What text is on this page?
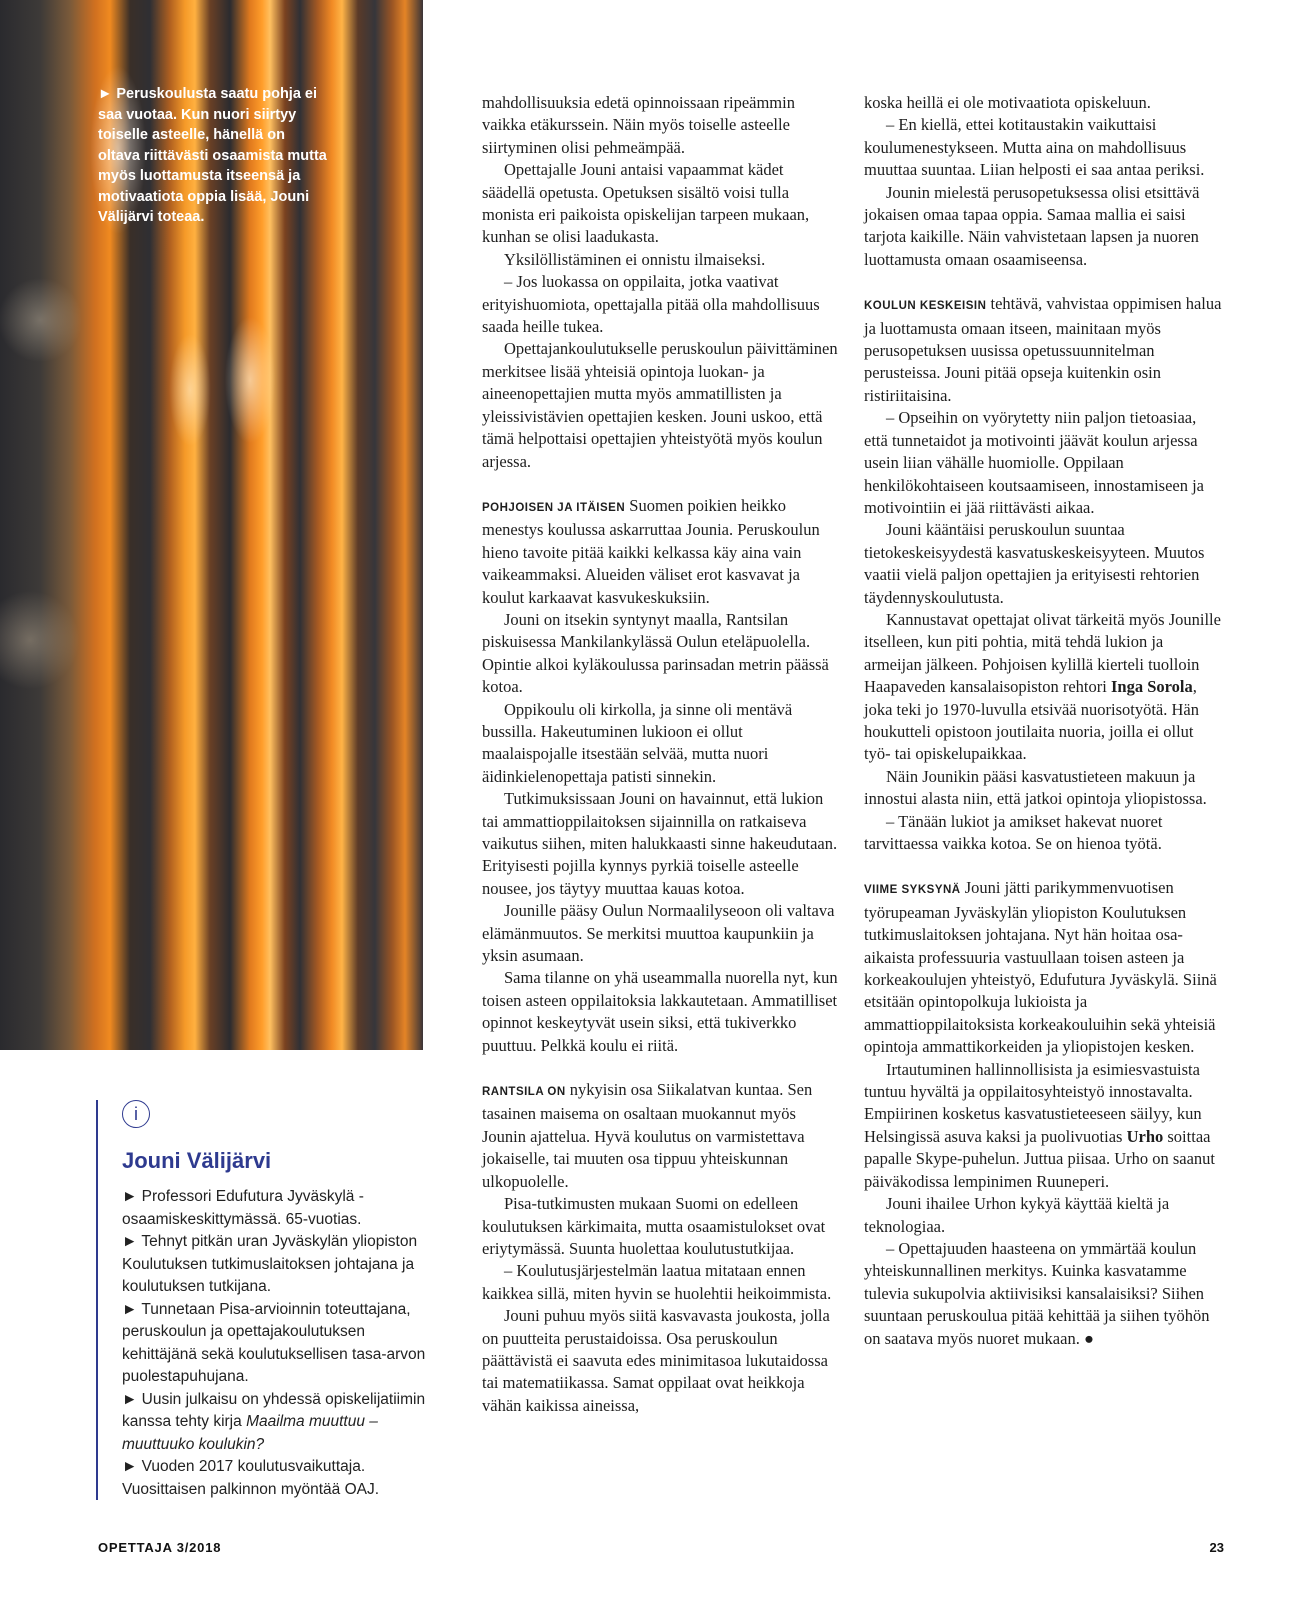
► Peruskoulusta saatu pohja ei saa vuotaa. Kun nuori siirtyy toiselle asteelle, hänellä on oltava riittävästi osaamista mutta myös luottamusta itseensä ja motivaatiota oppia lisää, Jouni Välijärvi toteaa.
i
Jouni Välijärvi

► Professori Edufutura Jyväskylä -osaamiskeskittymässä. 65-vuotias.

► Tehnyt pitkän uran Jyväskylän yliopiston Koulutuksen tutkimuslaitoksen johtajana ja koulutuksen tutkijana.

► Tunnetaan Pisa-arvioinnin toteuttajana, peruskoulun ja opettajakoulutuksen kehittäjänä sekä koulutuksellisen tasa-arvon puolestapuhujana.

► Uusin julkaisu on yhdessä opiskelijatiimin kanssa tehty kirja Maailma muuttuu – muuttuuko koulukin?

► Vuoden 2017 koulutusvaikuttaja. Vuosittaisen palkinnon myöntää OAJ.

mahdollisuuksia edetä opinnoissaan ripeämmin vaikka etäkurssein. Näin myös toiselle asteelle siirtyminen olisi pehmeämpää.

Opettajalle Jouni antaisi vapaammat kädet säädellä opetusta. Opetuksen sisältö voisi tulla monista eri paikoista opiskelijan tarpeen mukaan, kunhan se olisi laadukasta.

Yksilöllistäminen ei onnistu ilmaiseksi.

– Jos luokassa on oppilaita, jotka vaativat erityishuomiota, opettajalla pitää olla mahdollisuus saada heille tukea.

Opettajankoulutukselle peruskoulun päivittäminen merkitsee lisää yhteisiä opintoja luokan- ja aineenopettajien mutta myös ammatillisten ja yleissivistävien opettajien kesken. Jouni uskoo, että tämä helpottaisi opettajien yhteistyötä myös koulun arjessa.

POHJOISEN JA ITÄISEN Suomen poikien heikko menestys koulussa askarruttaa Jounia. Peruskoulun hieno tavoite pitää kaikki kelkassa käy aina vain vaikeammaksi. Alueiden väliset erot kasvavat ja koulut karkaavat kasvukeskuksiin.

Jouni on itsekin syntynyt maalla, Rantsilan piskuisessa Mankilankylässä Oulun eteläpuolella. Opintie alkoi kyläkoulussa parinsadan metrin päässä kotoa.

Oppikoulu oli kirkolla, ja sinne oli mentävä bussilla. Hakeutuminen lukioon ei ollut maalaispojalle itsestään selvää, mutta nuori äidinkielenopettaja patisti sinnekin.

Tutkimuksissaan Jouni on havainnut, että lukion tai ammattioppilaitoksen sijainnilla on ratkaiseva vaikutus siihen, miten halukkaasti sinne hakeudutaan. Erityisesti pojilla kynnys pyrkiä toiselle asteelle nousee, jos täytyy muuttaa kauas kotoa.

Jounille pääsy Oulun Normaalilyseoon oli valtava elämänmuutos. Se merkitsi muuttoa kaupunkiin ja yksin asumaan.

Sama tilanne on yhä useammalla nuorella nyt, kun toisen asteen oppilaitoksia lakkautetaan. Ammatilliset opinnot keskeytyvät usein siksi, että tukiverkko puuttuu. Pelkkä koulu ei riitä.

RANTSILA ON nykyisin osa Siikalatvan kuntaa. Sen tasainen maisema on osaltaan muokannut myös Jounin ajattelua. Hyvä koulutus on varmistettava jokaiselle, tai muuten osa tippuu yhteiskunnan ulkopuolelle.

Pisa-tutkimusten mukaan Suomi on edelleen koulutuksen kärkimaita, mutta osaamistulokset ovat eriytymässä. Suunta huolettaa koulutustutkijaa.

– Koulutusjärjestelmän laatua mitataan ennen kaikkea sillä, miten hyvin se huolehtii heikoimmista.

Jouni puhuu myös siitä kasvavasta joukosta, jolla on puutteita perustaidoissa. Osa peruskoulun päättävistä ei saavuta edes minimitasoa lukutaidossa tai matematiikassa. Samat oppilaat ovat heikkoja vähän kaikissa aineissa,

koska heillä ei ole motivaatiota opiskeluun.

– En kiellä, ettei kotitaustakin vaikuttaisi koulumenestykseen. Mutta aina on mahdollisuus muuttaa suuntaa. Liian helposti ei saa antaa periksi.

Jounin mielestä perusopetuksessa olisi etsittävä jokaisen omaa tapaa oppia. Samaa mallia ei saisi tarjota kaikille. Näin vahvistetaan lapsen ja nuoren luottamusta omaan osaamiseensa.

KOULUN KESKEISIN tehtävä, vahvistaa oppimisen halua ja luottamusta omaan itseen, mainitaan myös perusopetuksen uusissa opetussuunnitelman perusteissa. Jouni pitää opseja kuitenkin osin ristiriitaisina.

– Opseihin on vyörytetty niin paljon tietoasiaa, että tunnetaidot ja motivointi jäävät koulun arjessa usein liian vähälle huomiolle. Oppilaan henkilökohtaiseen koutsaamiseen, innostamiseen ja motivointiin ei jää riittävästi aikaa.

Jouni kääntäisi peruskoulun suuntaa tietokeskeisyydestä kasvatuskeskeisyyteen. Muutos vaatii vielä paljon opettajien ja erityisesti rehtorien täydennyskoulutusta.

Kannustavat opettajat olivat tärkeitä myös Jounille itselleen, kun piti pohtia, mitä tehdä lukion ja armeijan jälkeen. Pohjoisen kylillä kierteli tuolloin Haapaveden kansalaisopiston rehtori Inga Sorola, joka teki jo 1970-luvulla etsivää nuorisotyötä. Hän houkutteli opistoon joutilaita nuoria, joilla ei ollut työ- tai opiskelupaikkaa.

Näin Jounikin pääsi kasvatustieteen makuun ja innostui alasta niin, että jatkoi opintoja yliopistossa.

– Tänään lukiot ja amikset hakevat nuoret tarvittaessa vaikka kotoa. Se on hienoa työtä.

VIIME SYKSYNÄ Jouni jätti parikymmenvuotisen työrupeaman Jyväskylän yliopiston Koulutuksen tutkimuslaitoksen johtajana. Nyt hän hoitaa osa-aikaista professuuria vastuullaan toisen asteen ja korkeakoulujen yhteistyö, Edufutura Jyväskylä. Siinä etsitään opintopolkuja lukioista ja ammattioppilaitoksista korkeakouluihin sekä yhteisiä opintoja ammattikorkeiden ja yliopistojen kesken.

Irtautuminen hallinnollisista ja esimiesvastuista tuntuu hyvältä ja oppilaitosyhteistyö innostavalta. Empiirinen kosketus kasvatustieteeseen säilyy, kun Helsingissä asuva kaksi ja puolivuotias Urho soittaa papalle Skype-puhelun. Juttua piisaa. Urho on saanut päiväkodissa lempinimen Ruuneperi.

Jouni ihailee Urhon kykyä käyttää kieltä ja teknologiaa.

– Opettajuuden haasteena on ymmärtää koulun yhteiskunnallinen merkitys. Kuinka kasvatamme tulevia sukupolvia aktiivisiksi kansalaisiksi? Siihen suuntaan peruskoulua pitää kehittää ja siihen työhön on saatava myös nuoret mukaan. ●

OPETTAJA 3/2018	23
